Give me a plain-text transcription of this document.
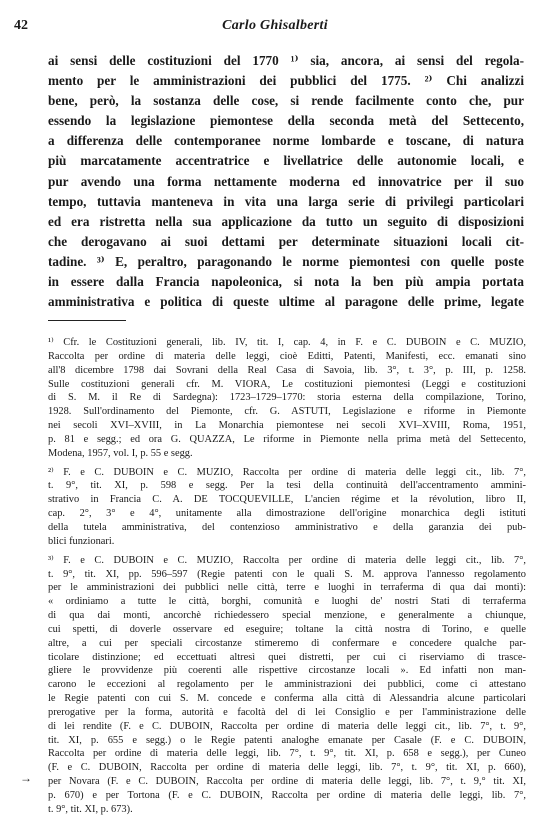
42	Carlo Ghisalberti
ai sensi delle costituzioni del 1770 ¹⁾ sia, ancora, ai sensi del regola-
mento per le amministrazioni dei pubblici del 1775. ²⁾ Chi analizzi
bene, però, la sostanza delle cose, si rende facilmente conto che, pur
essendo la legislazione piemontese della seconda metà del Settecento,
a differenza delle contemporanee norme lombarde e toscane, di natura
più marcatamente accentratrice e livellatrice delle autonomie locali, e
pur avendo una forma nettamente moderna ed innovatrice per il suo
tempo, tuttavia manteneva in vita una larga serie di privilegi particolari
ed era ristretta nella sua applicazione da tutto un seguito di disposizioni
che derogavano ai suoi dettami per determinate situazioni locali cit-
tadine. ³⁾ E, peraltro, paragonando le norme piemontesi con quelle poste
in essere dalla Francia napoleonica, si nota la ben più ampia portata
amministrativa e politica di queste ultime al paragone delle prime, legate
¹⁾ Cfr. le Costituzioni generali, lib. IV, tit. I, cap. 4, in F. e C. DUBOIN e C. MUZIO,
Raccolta per ordine di materia delle leggi, cioè Editti, Patenti, Manifesti, ecc. emanati sino
all'8 dicembre 1798 dai Sovrani della Real Casa di Savoia, lib. 3°, t. 3°, p. III, p. 1258.
Sulle costituzioni generali cfr. M. VIORA, Le costituzioni piemontesi (Leggi e costituzioni
di S. M. il Re di Sardegna): 1723–1729–1770: storia esterna della compilazione, Torino,
1928. Sull'ordinamento del Piemonte, cfr. G. ASTUTI, Legislazione e riforme in Piemonte
nei secoli XVI–XVIII, in La Monarchia piemontese nei secoli XVI–XVIII, Roma, 1951,
p. 81 e segg.; ed ora G. QUAZZA, Le riforme in Piemonte nella prima metà del Settecento,
Modena, 1957, vol. I, p. 55 e segg.
²⁾ F. e C. DUBOIN e C. MUZIO, Raccolta per ordine di materia delle leggi cit., lib. 7°,
t. 9°, tit. XI, p. 598 e segg. Per la tesi della continuità dell'accentramento ammini-
strativo in Francia C. A. DE TOCQUEVILLE, L'ancien régime et la révolution, libro II,
cap. 2°, 3° e 4°, unitamente alla dimostrazione dell'origine monarchica degli istituti
della tutela amministrativa, del contenzioso amministrativo e della garanzia dei pub-
blici funzionari.
³⁾ F. e C. DUBOIN e C. MUZIO, Raccolta per ordine di materia delle leggi cit., lib. 7°,
t. 9°, tit. XI, pp. 596–597 (Regie patenti con le quali S. M. approva l'annesso regolamento
per le amministrazioni dei pubblici nelle città, terre e luoghi in terraferma di qua dai monti):
« ordiniamo a tutte le città, borghi, comunità e luoghi de' nostri Stati di terraferma
di qua dai monti, ancorchè richiedessero special menzione, e generalmente a chiunque,
cui spetti, di doverle osservare ed eseguire; toltane la città nostra di Torino, e quelle
altre, a cui per speciali circostanze stimeremo di confermare e concedere qualche par-
ticolare distinzione; ed eccettuati altresì quei distretti, per cui ci riserviamo di trasce-
gliere le provvidenze più coerenti alle rispettive circostanze locali ». Ed infatti non man-
carono le eccezioni al regolamento per le amministrazioni dei pubblici, come ci attestano
le Regie patenti con cui S. M. concede e conferma alla città di Alessandria alcune particolari
prerogative per la forma, autorità e facoltà del di lei Consiglio e per l'amministrazione delle
di lei rendite (F. e C. DUBOIN, Raccolta per ordine di materia delle leggi cit., lib. 7°, t. 9°,
tit. XI, p. 655 e segg.) o le Regie patenti analoghe emanate per Casale (F. e C. DUBOIN,
Raccolta per ordine di materia delle leggi, lib. 7°, t. 9°, tit. XI, p. 658 e segg.), per Cuneo
(F. e C. DUBOIN, Raccolta per ordine di materia delle leggi, lib. 7°, t. 9°, tit. XI, p. 660),
per Novara (F. e C. DUBOIN, Raccolta per ordine di materia delle leggi, lib. 7°, t. 9,° tit. XI,
p. 670) e per Tortona (F. e C. DUBOIN, Raccolta per ordine di materia delle leggi, lib. 7°,
t. 9°, tit. XI, p. 673).
→
